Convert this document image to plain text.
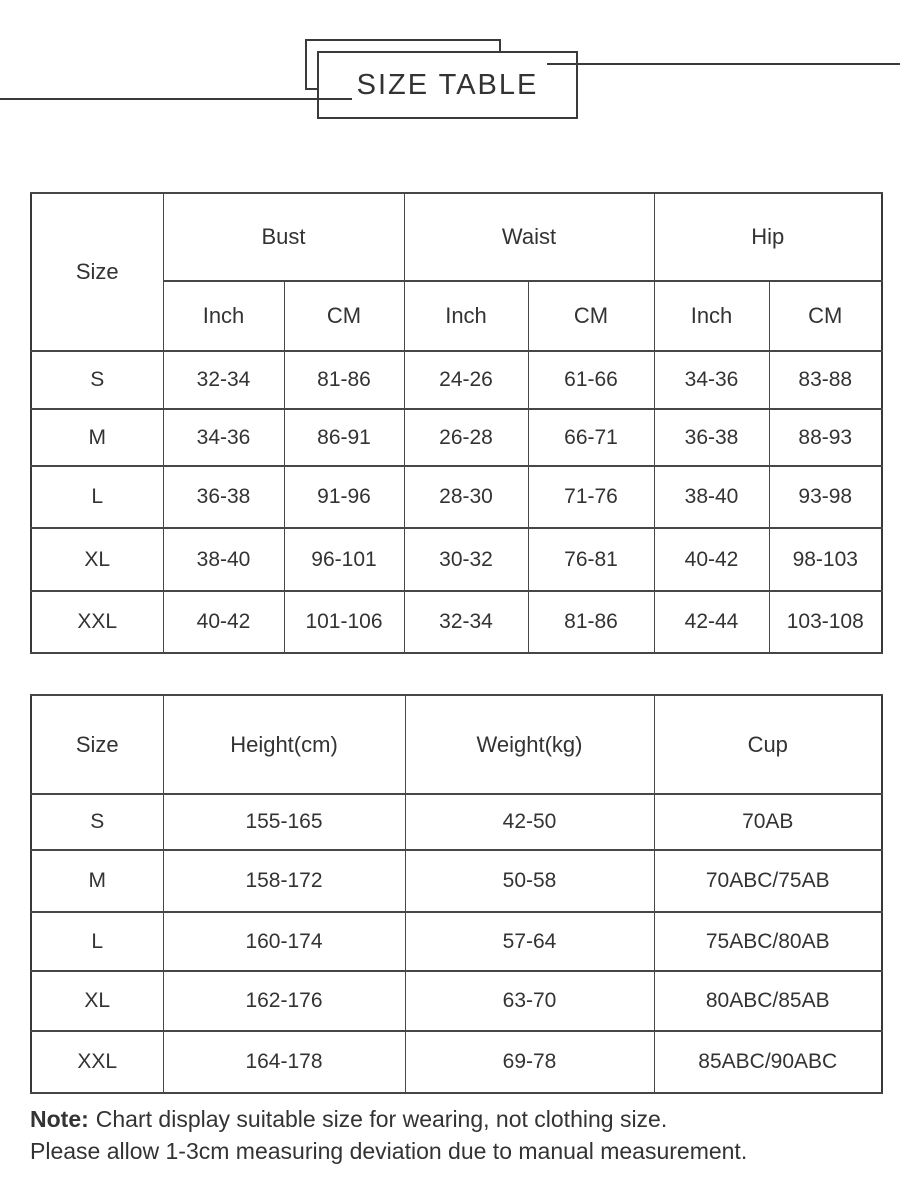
SIZE TABLE
Size	Bust		Waist		Hip	
	Inch	CM	Inch	CM	Inch	CM
S	32-34	81-86	24-26	61-66	34-36	83-88
M	34-36	86-91	26-28	66-71	36-38	88-93
L	36-38	91-96	28-30	71-76	38-40	93-98
XL	38-40	96-101	30-32	76-81	40-42	98-103
XXL	40-42	101-106	32-34	81-86	42-44	103-108
Size	Height(cm)	Weight(kg)	Cup
S	155-165	42-50	70AB
M	158-172	50-58	70ABC/75AB
L	160-174	57-64	75ABC/80AB
XL	162-176	63-70	80ABC/85AB
XXL	164-178	69-78	85ABC/90ABC
Note: Chart display suitable size for wearing, not clothing size.
Please allow 1-3cm measuring deviation due to manual measurement.
